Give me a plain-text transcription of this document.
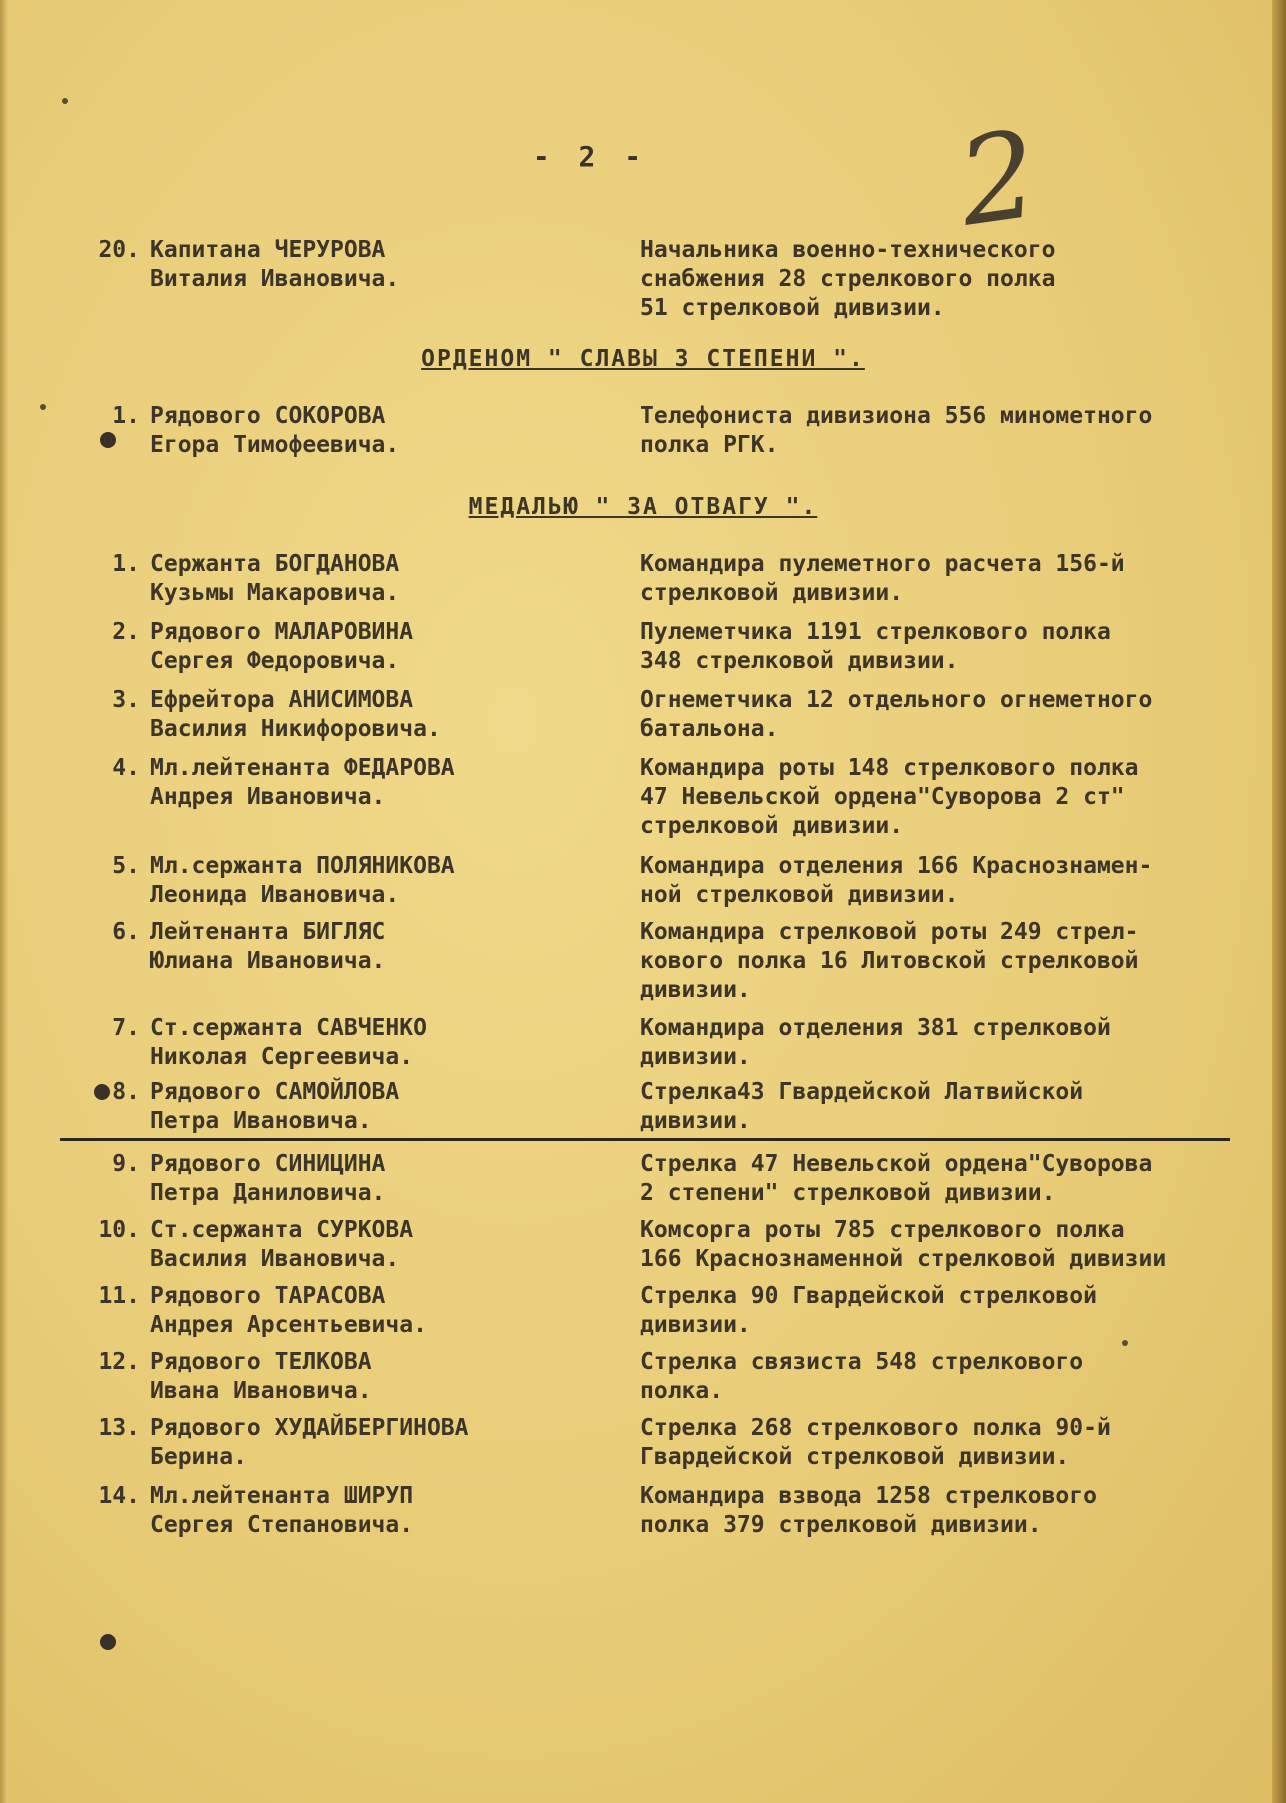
- 2 -	2
20. Капитана ЧЕРУРОВА
Виталия Ивановича.
Начальника военно-технического
снабжения 28 стрелкового полка
51 стрелковой дивизии.
ОРДЕНОМ " СЛАВЫ 3 СТЕПЕНИ ".
1. Рядового СОКОРОВА
Егора Тимофеевича.
Телефониста дивизиона 556 минометного
полка РГК.
МЕДАЛЬЮ " ЗА ОТВАГУ ".
1. Сержанта БОГДАНОВА
Кузьмы Макаровича.
Командира пулеметного расчета 156-й
стрелковой дивизии.
2. Рядового МАЛАРОВИНА
Сергея Федоровича.
Пулеметчика 1191 стрелкового полка
348 стрелковой дивизии.
3. Ефрейтора АНИСИМОВА
Василия Никифоровича.
Огнеметчика 12 отдельного огнеметного
батальона.
4. Мл.лейтенанта ФЕДАРОВА
Андрея Ивановича.
Командира роты 148 стрелкового полка
47 Невельской ордена"Суворова 2 ст"
стрелковой дивизии.
5. Мл.сержанта ПОЛЯНИКОВА
Леонида Ивановича.
Командира отделения 166 Краснознамен-
ной стрелковой дивизии.
6. Лейтенанта БИГЛЯС
Юлиана Ивановича.
Командира стрелковой роты 249 стрел-
кового полка 16 Литовской стрелковой
дивизии.
7. Ст.сержанта САВЧЕНКО
Николая Сергеевича.
Командира отделения 381 стрелковой
дивизии.
8. Рядового САМОЙЛОВА
Петра Ивановича.
Стрелка43 Гвардейской Латвийской
дивизии.
9. Рядового СИНИЦИНА
Петра Даниловича.
Стрелка 47 Невельской ордена"Суворова
2 степени" стрелковой дивизии.
10. Ст.сержанта СУРКОВА
Василия Ивановича.
Комсорга роты 785 стрелкового полка
166 Краснознаменной стрелковой дивизии
11. Рядового ТАРАСОВА
Андрея Арсентьевича.
Стрелка 90 Гвардейской стрелковой
дивизии.
12. Рядового ТЕЛКОВА
Ивана Ивановича.
Стрелка связиста 548 стрелкового
полка.
13. Рядового ХУДАЙБЕРГИНОВА
Берина.
Стрелка 268 стрелкового полка 90-й
Гвардейской стрелковой дивизии.
14. Мл.лейтенанта ШИРУП
Сергея Степановича.
Командира взвода 1258 стрелкового
полка 379 стрелковой дивизии.
